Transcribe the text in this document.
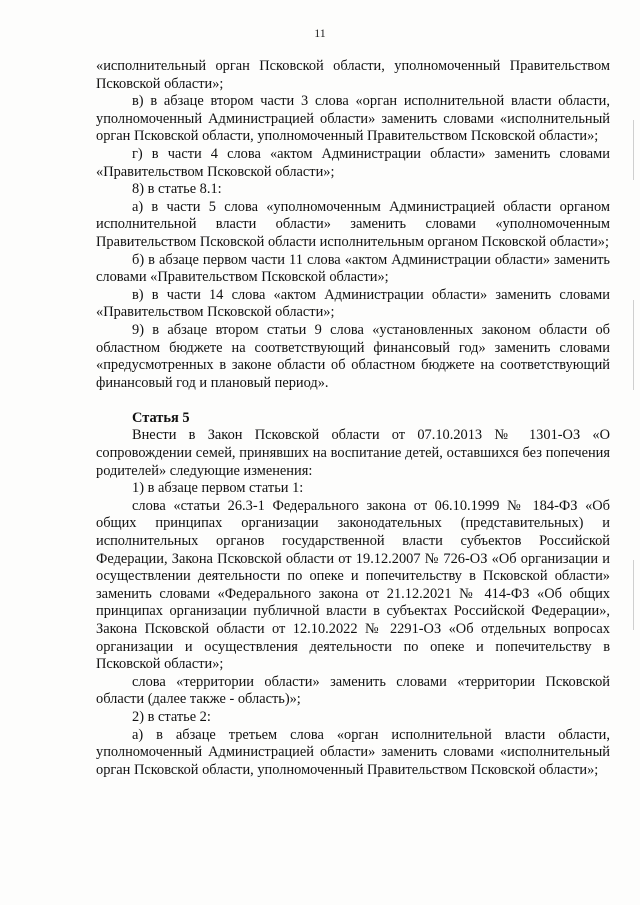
11

«исполнительный орган Псковской области, уполномоченный Правительством Псковской области»;

в) в абзаце втором части 3 слова «орган исполнительной власти области, уполномоченный Администрацией области» заменить словами «исполнительный орган Псковской области, уполномоченный Правительством Псковской области»;

г) в части 4 слова «актом Администрации области» заменить словами «Правительством Псковской области»;

8) в статье 8.1:

а) в части 5 слова «уполномоченным Администрацией области органом исполнительной власти области» заменить словами «уполномоченным Правительством Псковской области исполнительным органом Псковской области»;

б) в абзаце первом части 11 слова «актом Администрации области» заменить словами «Правительством Псковской области»;

в) в части 14 слова «актом Администрации области» заменить словами «Правительством Псковской области»;

9) в абзаце втором статьи 9 слова «установленных законом области об областном бюджете на соответствующий финансовый год» заменить словами «предусмотренных в законе области об областном бюджете на соответствующий финансовый год и плановый период».

Статья 5

Внести в Закон Псковской области от 07.10.2013 № 1301-ОЗ «О сопровождении семей, принявших на воспитание детей, оставшихся без попечения родителей» следующие изменения:

1) в абзаце первом статьи 1:

слова «статьи 26.3-1 Федерального закона от 06.10.1999 № 184-ФЗ «Об общих принципах организации законодательных (представительных) и исполнительных органов государственной власти субъектов Российской Федерации, Закона Псковской области от 19.12.2007 № 726-ОЗ «Об организации и осуществлении деятельности по опеке и попечительству в Псковской области» заменить словами «Федерального закона от 21.12.2021 № 414-ФЗ «Об общих принципах организации публичной власти в субъектах Российской Федерации», Закона Псковской области от 12.10.2022 № 2291-ОЗ «Об отдельных вопросах организации и осуществления деятельности по опеке и попечительству в Псковской области»;

слова «территории области» заменить словами «территории Псковской области (далее также - область)»;

2) в статье 2:

а) в абзаце третьем слова «орган исполнительной власти области, уполномоченный Администрацией области» заменить словами «исполнительный орган Псковской области, уполномоченный Правительством Псковской области»;
